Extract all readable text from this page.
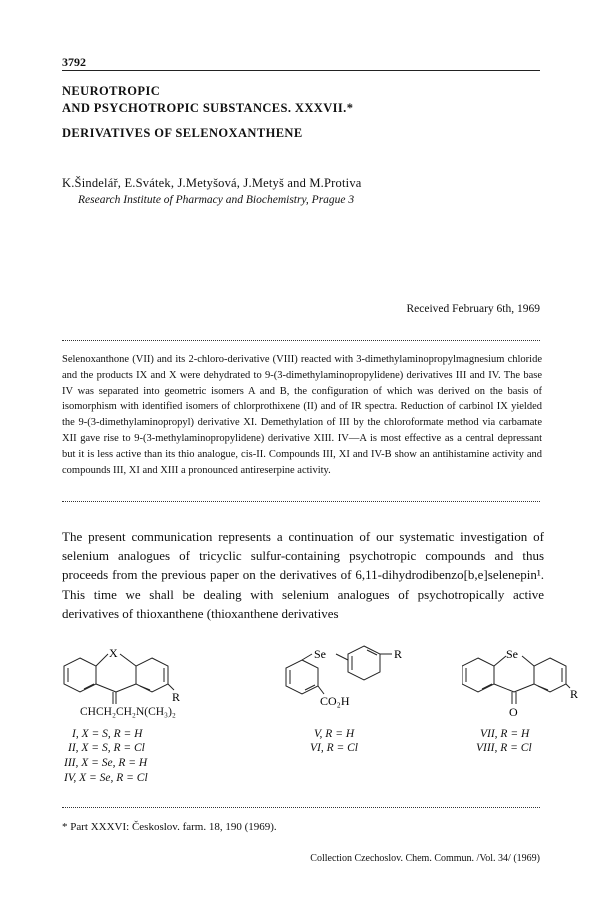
3792
NEUROTROPIC
AND PSYCHOTROPIC SUBSTANCES. XXXVII.*
DERIVATIVES OF SELENOXANTHENE
K.Šindelář, E.Svátek, J.Metyšová, J.Metyš and M.Protiva
Research Institute of Pharmacy and Biochemistry, Prague 3
Received February 6th, 1969
Selenoxanthone (VII) and its 2-chloro-derivative (VIII) reacted with 3-dimethylaminopropylmagnesium chloride and the products IX and X were dehydrated to 9-(3-dimethylaminopropylidene) derivatives III and IV. The base IV was separated into geometric isomers A and B, the configuration of which was derived on the basis of isomorphism with identified isomers of chlorprothixene (II) and of IR spectra. Reduction of carbinol IX yielded the 9-(3-dimethylaminopropyl) derivative XI. Demethylation of III by the chloroformate method via carbamate XII gave rise to 9-(3-methylaminopropylidene) derivative XIII. IV—A is most effective as a central depressant but it is less active than its thio analogue, cis-II. Compounds III, XI and IV-B show an antihistamine activity and compounds III, XI and XIII a pronounced antireserpine activity.
The present communication represents a continuation of our systematic investigation of selenium analogues of tricyclic sulfur-containing psychotropic compounds and thus proceeds from the previous paper on the derivatives of 6,11-dihydrodibenzo[b,e]selenepin¹. This time we shall be dealing with selenium analogues of psychotropically active derivatives of thioxanthene (thioxanthene derivatives
X
R
CHCH₂CH₂N(CH₃)₂
I, X = S, R = H
II, X = S, R = Cl
III, X = Se, R = H
IV, X = Se, R = Cl
Se	R
CO₂H
V, R = H
VI, R = Cl
Se
R
O
VII, R = H
VIII, R = Cl
* Part XXXVI: Českoslov. farm. 18, 190 (1969).
Collection Czechoslov. Chem. Commun. /Vol. 34/ (1969)
